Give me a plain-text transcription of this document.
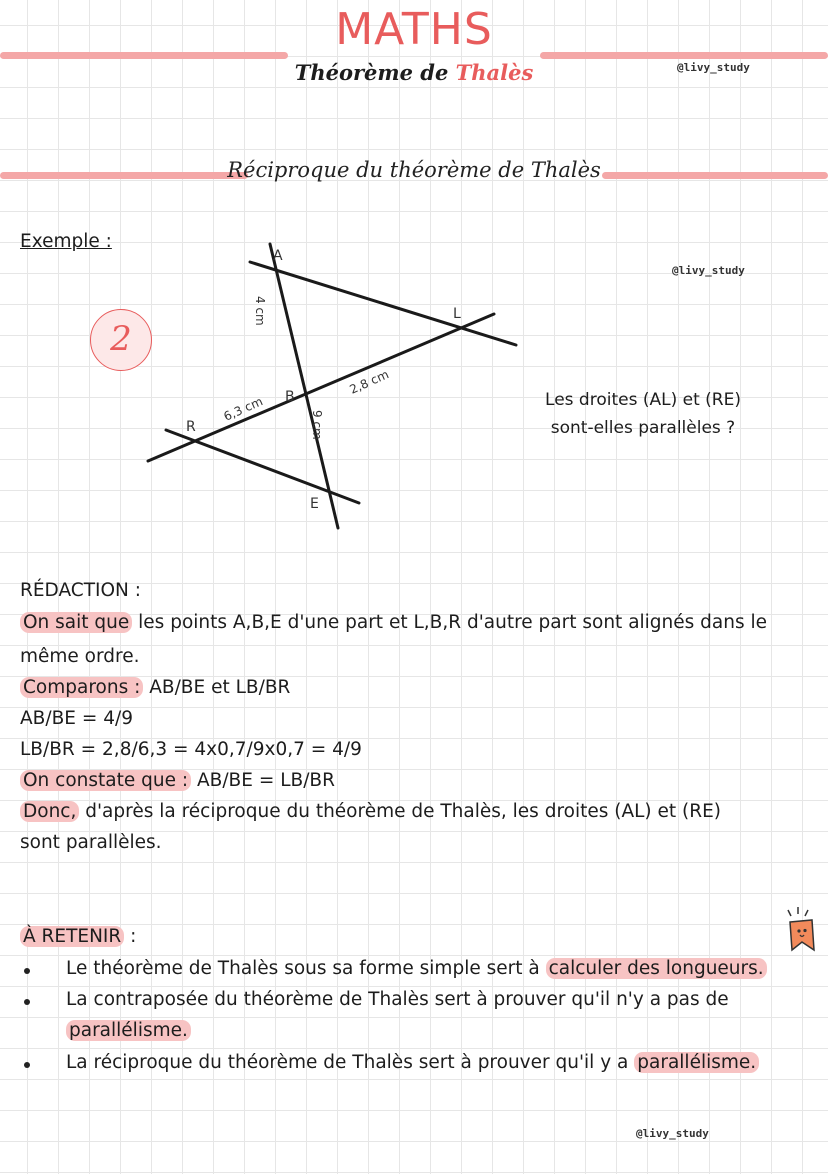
MATHS
Théorème de Thalès	@livy_study
Réciproque du théorème de Thalès
Exemple :
2
@livy_study
A
L
B
R
E
4 cm
6,3 cm
2,8 cm
9 cm
Les droites (AL) et (RE)
sont-elles parallèles ?
RÉDACTION :
On sait que les points A,B,E d'une part et L,B,R d'autre part sont alignés dans le
même ordre.
Comparons : AB/BE et LB/BR
AB/BE = 4/9
LB/BR = 2,8/6,3 = 4x0,7/9x0,7 = 4/9
On constate que : AB/BE = LB/BR
Donc, d'après la réciproque du théorème de Thalès, les droites (AL) et (RE)
sont parallèles.
À RETENIR :
Le théorème de Thalès sous sa forme simple sert à calculer des longueurs.
La contraposée du théorème de Thalès sert à prouver qu'il n'y a pas de
parallélisme.
La réciproque du théorème de Thalès sert à prouver qu'il y a parallélisme.
@livy_study
